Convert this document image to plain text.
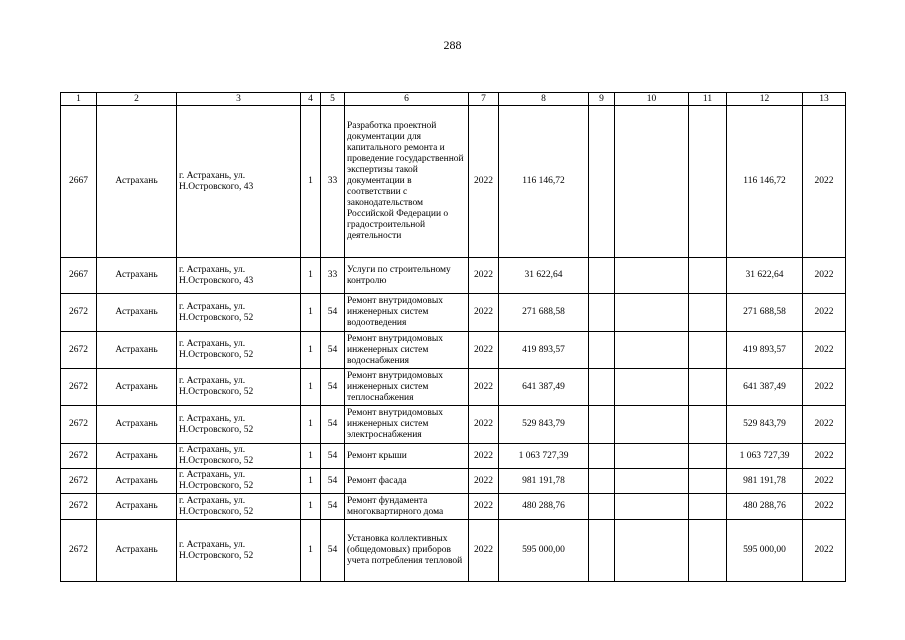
288
1	2	3	4	5	6	7	8	9	10	11	12	13
2667	Астрахань	г. Астрахань, ул. Н.Островского, 43	1	33	Разработка проектной документации для капитального ремонта и проведение государственной экспертизы такой документации в соответствии с законодательством Российской Федерации о градостроительной деятельности	2022	116 146,72				116 146,72	2022
2667	Астрахань	г. Астрахань, ул. Н.Островского, 43	1	33	Услуги по строительному контролю	2022	31 622,64				31 622,64	2022
2672	Астрахань	г. Астрахань, ул. Н.Островского, 52	1	54	Ремонт внутридомовых инженерных систем водоотведения	2022	271 688,58				271 688,58	2022
2672	Астрахань	г. Астрахань, ул. Н.Островского, 52	1	54	Ремонт внутридомовых инженерных систем водоснабжения	2022	419 893,57				419 893,57	2022
2672	Астрахань	г. Астрахань, ул. Н.Островского, 52	1	54	Ремонт внутридомовых инженерных систем теплоснабжения	2022	641 387,49				641 387,49	2022
2672	Астрахань	г. Астрахань, ул. Н.Островского, 52	1	54	Ремонт внутридомовых инженерных систем электроснабжения	2022	529 843,79				529 843,79	2022
2672	Астрахань	г. Астрахань, ул. Н.Островского, 52	1	54	Ремонт крыши	2022	1 063 727,39				1 063 727,39	2022
2672	Астрахань	г. Астрахань, ул. Н.Островского, 52	1	54	Ремонт фасада	2022	981 191,78				981 191,78	2022
2672	Астрахань	г. Астрахань, ул. Н.Островского, 52	1	54	Ремонт фундамента многоквартирного дома	2022	480 288,76				480 288,76	2022
2672	Астрахань	г. Астрахань, ул. Н.Островского, 52	1	54	Установка коллективных (общедомовых) приборов учета потребления тепловой	2022	595 000,00				595 000,00	2022
